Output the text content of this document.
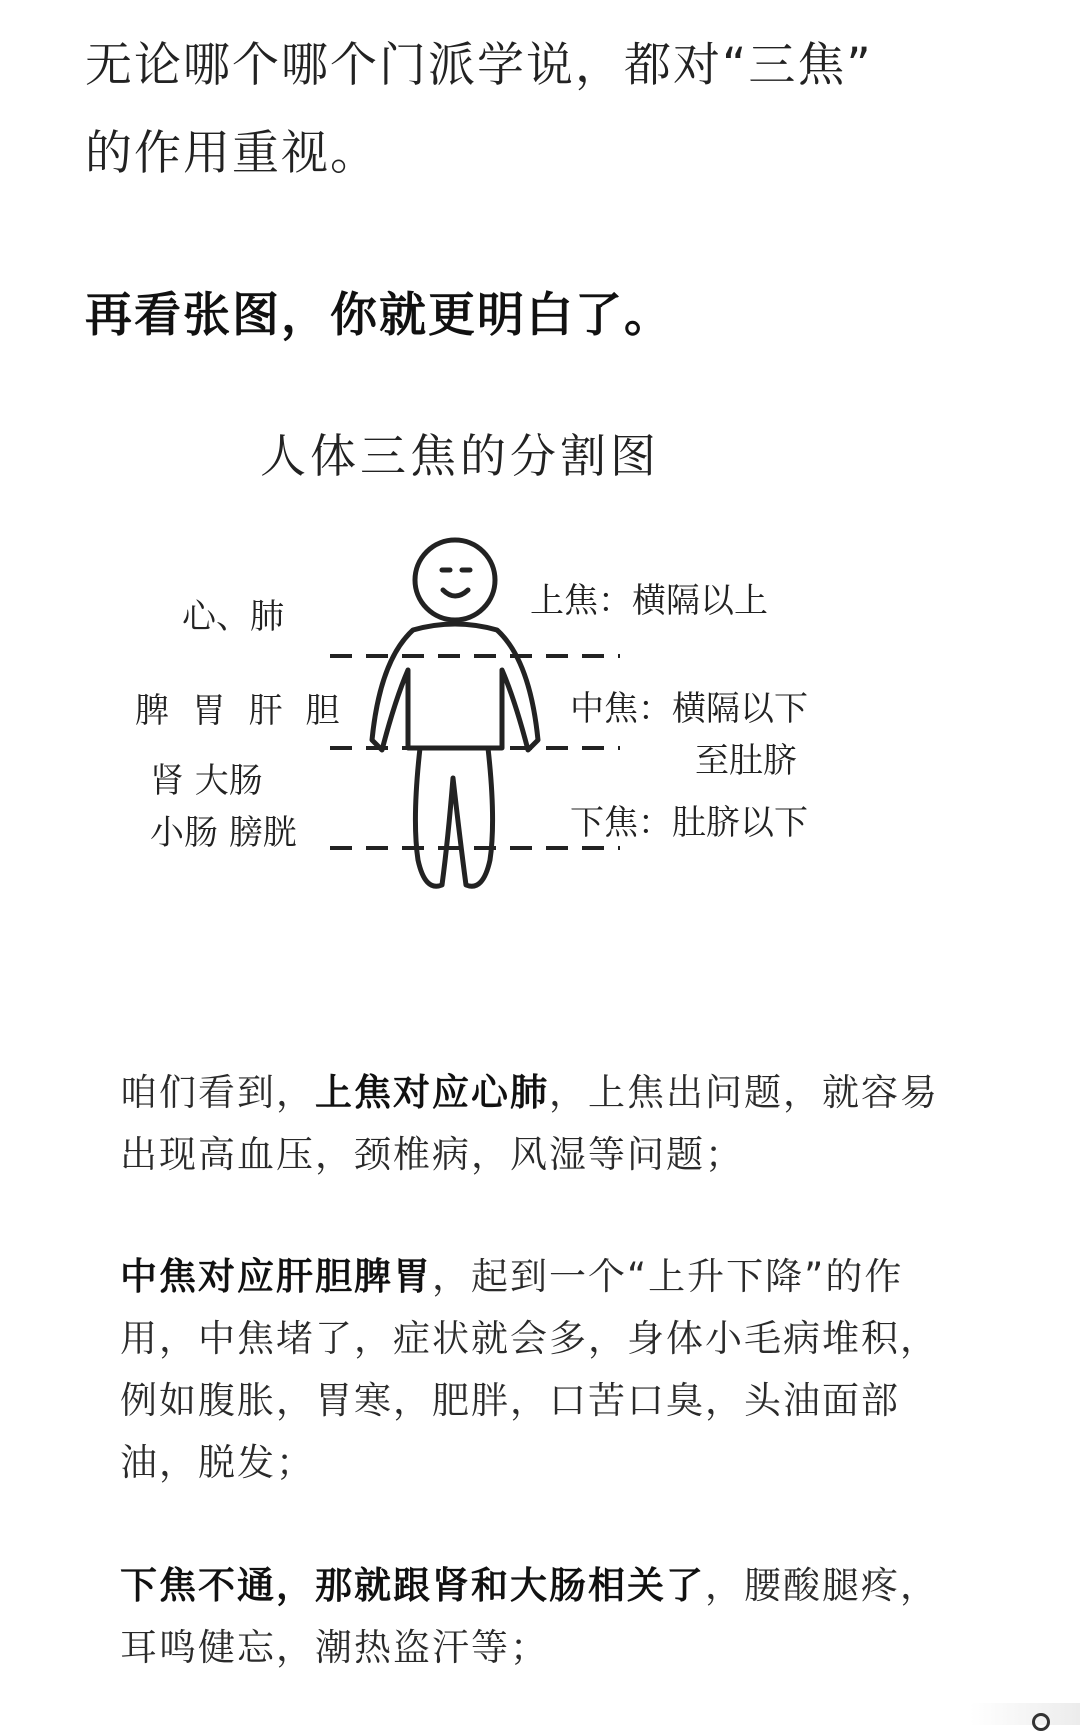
无论哪个哪个门派学说，都对“三焦”
的作用重视。

再看张图，你就更明白了。

人体三焦的分割图
心、肺
脾 胃 肝 胆
肾 大肠
小肠 膀胱
上焦：横隔以上
中焦：横隔以下
至肚脐
下焦：肚脐以下

咱们看到，上焦对应心肺，上焦出问题，就容易出现高血压，颈椎病，风湿等问题；

中焦对应肝胆脾胃，起到一个“上升下降”的作用，中焦堵了，症状就会多，身体小毛病堆积，例如腹胀，胃寒，肥胖，口苦口臭，头油面部油，脱发；

下焦不通，那就跟肾和大肠相关了，腰酸腿疼，耳鸣健忘，潮热盗汗等；
